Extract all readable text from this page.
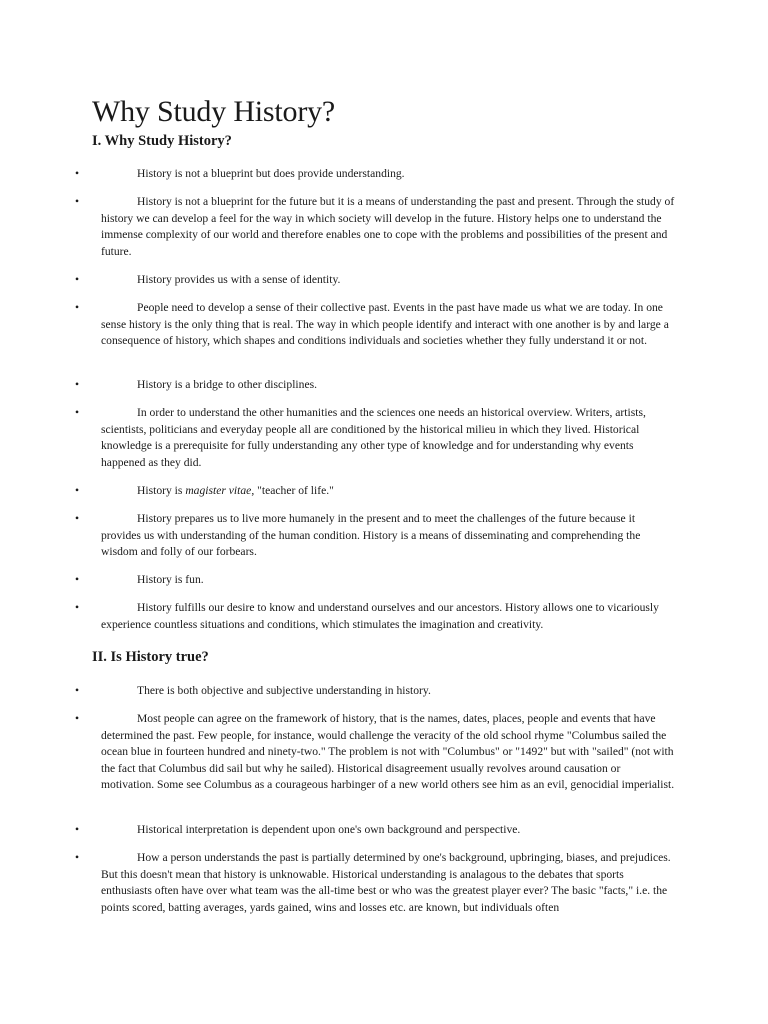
Why Study History?
I. Why Study History?
•	History is not a blueprint but does provide understanding.

•	History is not a blueprint for the future but it is a means of understanding the past and present. Through the study of history we can develop a feel for the way in which society will develop in the future. History helps one to understand the immense complexity of our world and therefore enables one to cope with the problems and possibilities of the present and future.

•	History provides us with a sense of identity.

•	People need to develop a sense of their collective past. Events in the past have made us what we are today. In one sense history is the only thing that is real. The way in which people identify and interact with one another is by and large a consequence of history, which shapes and conditions individuals and societies whether they fully understand it or not.

•	History is a bridge to other disciplines.

•	In order to understand the other humanities and the sciences one needs an historical overview. Writers, artists, scientists, politicians and everyday people all are conditioned by the historical milieu in which they lived. Historical knowledge is a prerequisite for fully understanding any other type of knowledge and for understanding why events happened as they did.

•	History is magister vitae, "teacher of life."

•	History prepares us to live more humanely in the present and to meet the challenges of the future because it provides us with understanding of the human condition. History is a means of disseminating and comprehending the wisdom and folly of our forbears.

•	History is fun.

•	History fulfills our desire to know and understand ourselves and our ancestors. History allows one to vicariously experience countless situations and conditions, which stimulates the imagination and creativity.

II. Is History true?
•	There is both objective and subjective understanding in history.

•	Most people can agree on the framework of history, that is the names, dates, places, people and events that have determined the past. Few people, for instance, would challenge the veracity of the old school rhyme "Columbus sailed the ocean blue in fourteen hundred and ninety-two." The problem is not with "Columbus" or "1492" but with "sailed" (not with the fact that Columbus did sail but why he sailed). Historical disagreement usually revolves around causation or motivation. Some see Columbus as a courageous harbinger of a new world others see him as an evil, genocidial imperialist.

•	Historical interpretation is dependent upon one's own background and perspective.

•	How a person understands the past is partially determined by one's background, upbringing, biases, and prejudices. But this doesn't mean that history is unknowable. Historical understanding is analagous to the debates that sports enthusiasts often have over what team was the all-time best or who was the greatest player ever? The basic "facts," i.e. the points scored, batting averages, yards gained, wins and losses etc. are known, but individuals often
